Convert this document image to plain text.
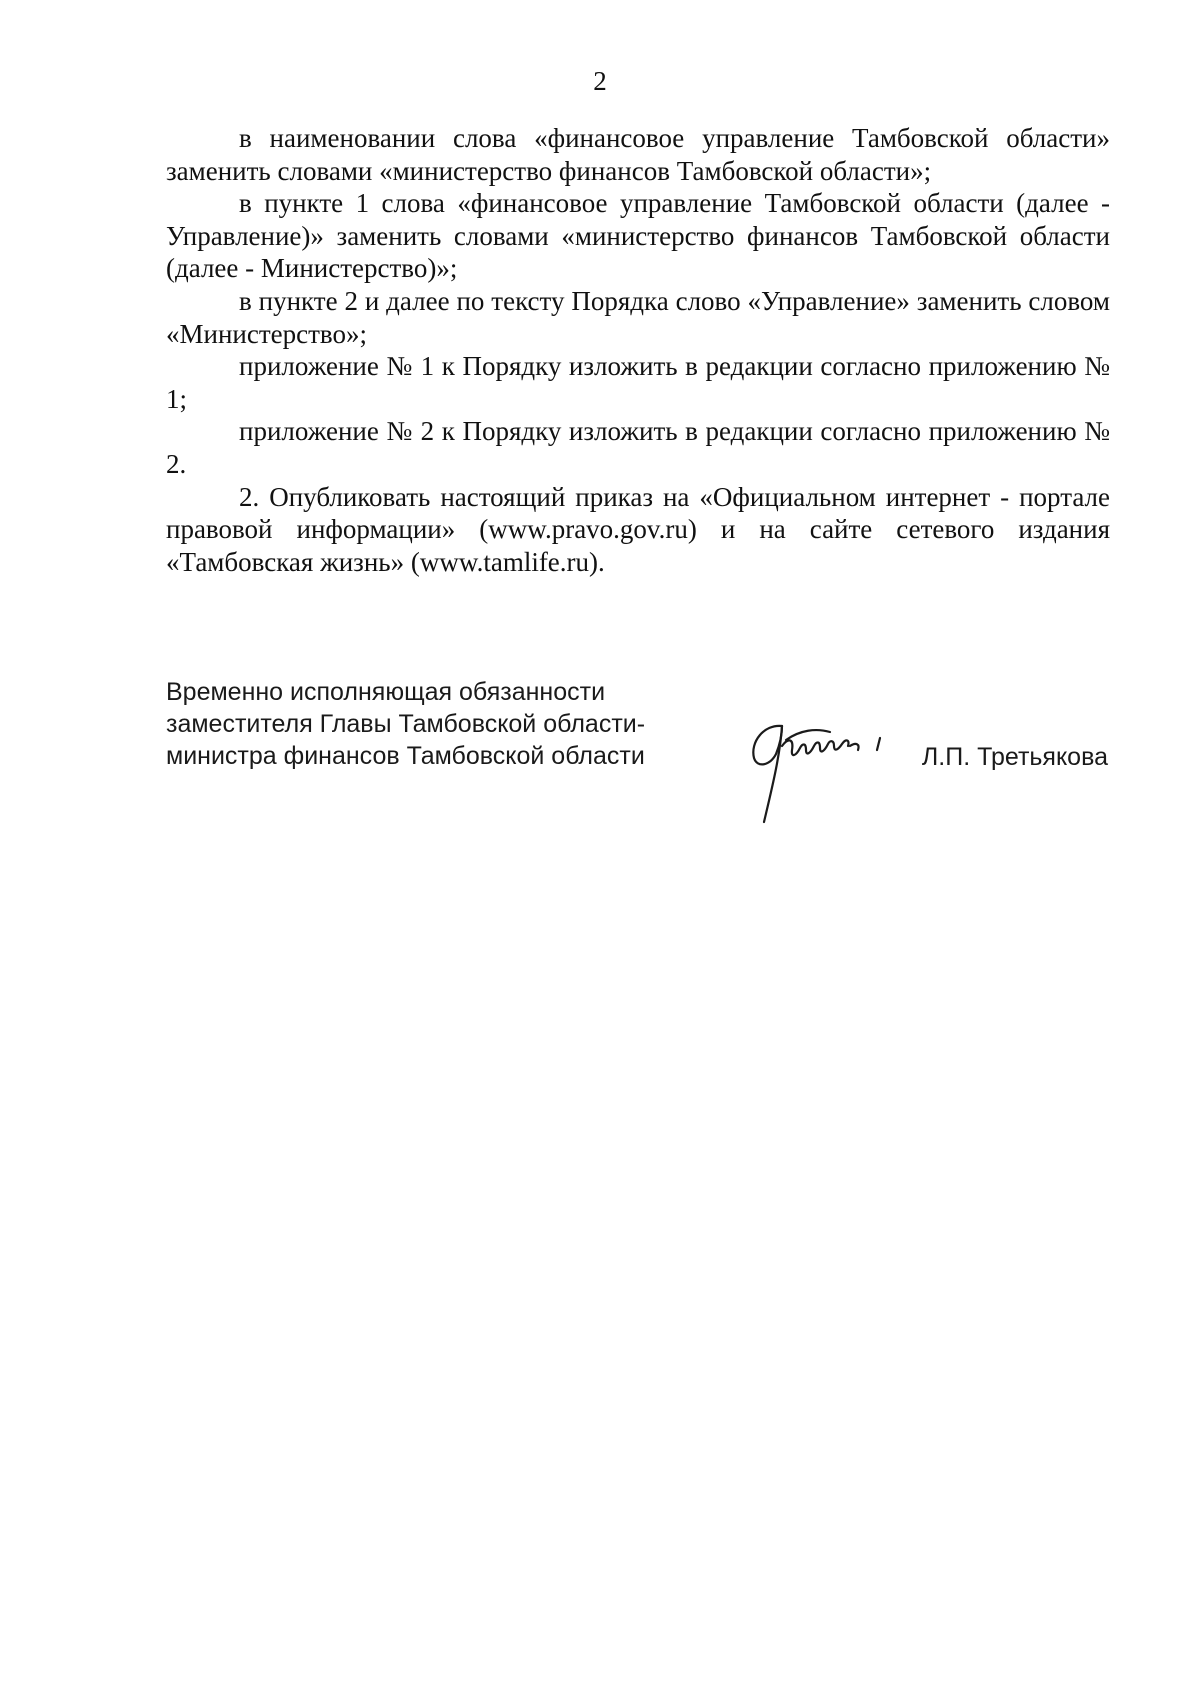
2

в наименовании слова «финансовое управление Тамбовской области» заменить словами «министерство финансов Тамбовской области»;

в пункте 1 слова «финансовое управление Тамбовской области (далее - Управление)» заменить словами «министерство финансов Тамбовской области (далее - Министерство)»;

в пункте 2 и далее по тексту Порядка слово «Управление» заменить словом «Министерство»;

приложение № 1 к Порядку изложить в редакции согласно приложению № 1;

приложение № 2 к Порядку изложить в редакции согласно приложению № 2.

2. Опубликовать настоящий приказ на «Официальном интернет - портале правовой информации» (www.pravo.gov.ru) и на сайте сетевого издания «Тамбовская жизнь» (www.tamlife.ru).

Временно исполняющая обязанности
заместителя Главы Тамбовской области-
министра финансов Тамбовской области	Л.П. Третьякова
